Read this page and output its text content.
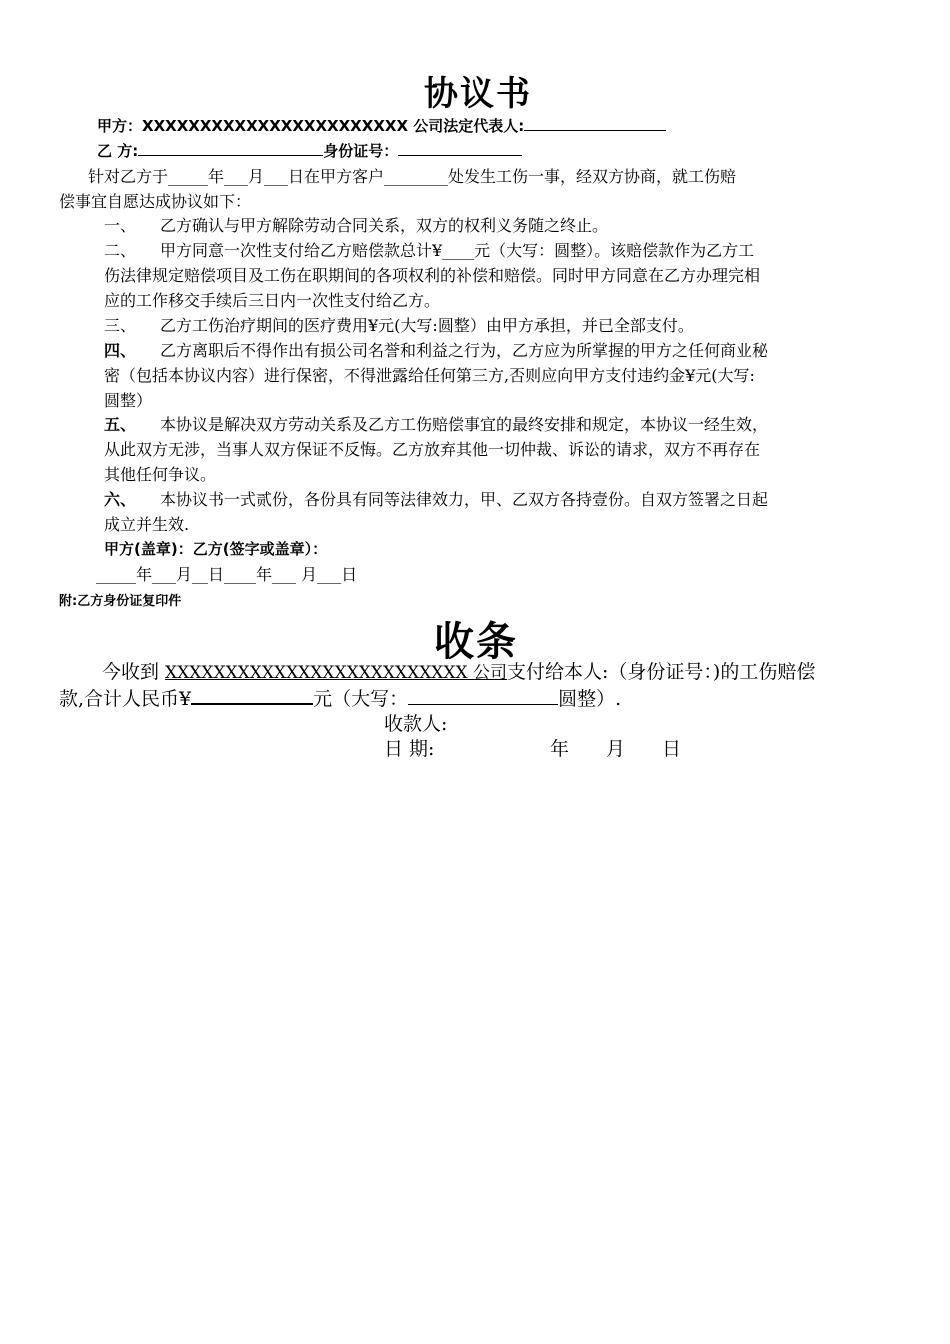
协议书
甲方：XXXXXXXXXXXXXXXXXXXXXXX 公司法定代表人:
乙 方:	身份证号：
针对乙方于_____年___月___日在甲方客户________处发生工伤一事，经双方协商，就工伤赔
偿事宜自愿达成协议如下：
一、 乙方确认与甲方解除劳动合同关系，双方的权利义务随之终止。
二、 甲方同意一次性支付给乙方赔偿款总计¥____元（大写：圆整）。该赔偿款作为乙方工
伤法律规定赔偿项目及工伤在职期间的各项权利的补偿和赔偿。同时甲方同意在乙方办理完相
应的工作移交手续后三日内一次性支付给乙方。
三、 乙方工伤治疗期间的医疗费用¥元(大写:圆整）由甲方承担，并已全部支付。
四、 乙方离职后不得作出有损公司名誉和利益之行为，乙方应为所掌握的甲方之任何商业秘
密（包括本协议内容）进行保密，不得泄露给任何第三方,否则应向甲方支付违约金¥元(大写:
圆整）
五、 本协议是解决双方劳动关系及乙方工伤赔偿事宜的最终安排和规定，本协议一经生效，
从此双方无涉，当事人双方保证不反悔。乙方放弃其他一切仲裁、诉讼的请求，双方不再存在
其他任何争议。
六、 本协议书一式贰份，各份具有同等法律效力，甲、乙双方各持壹份。自双方签署之日起
成立并生效.
甲方(盖章)：乙方(签字或盖章）：
_____年___月__日____年___ 月___日
附:乙方身份证复印件
收条
今收到 XXXXXXXXXXXXXXXXXXXXXXXXX 公司支付给本人:（身份证号：)的工伤赔偿
款,合计人民币¥	元（大写：	圆整）.
收款人:
日 期:	年 月 日
